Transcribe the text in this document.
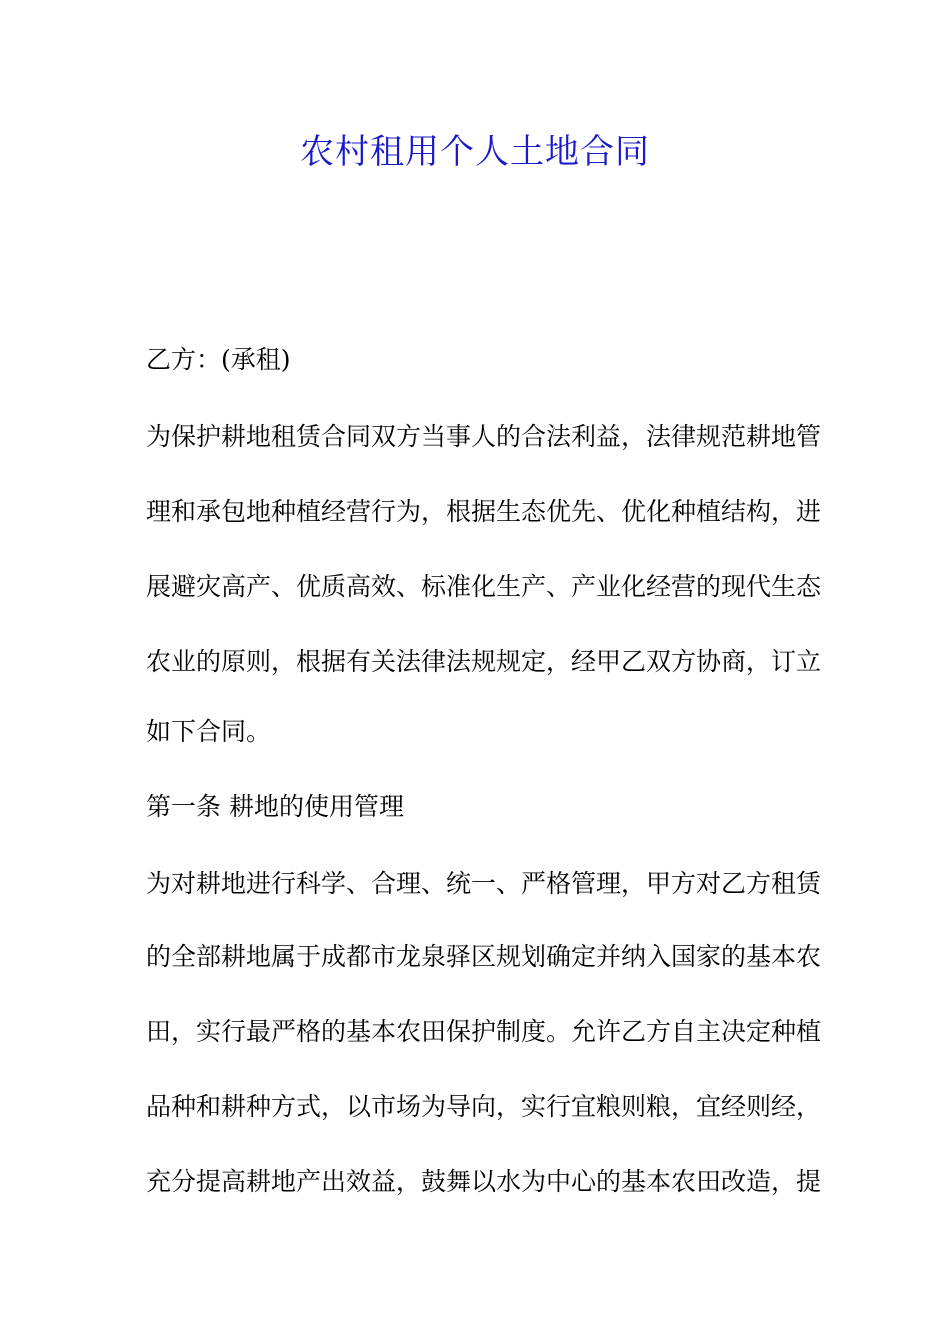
农村租用个人土地合同
乙方：(承租)
为保护耕地租赁合同双方当事人的合法利益，法律规范耕地管
理和承包地种植经营行为，根据生态优先、优化种植结构，进
展避灾高产、优质高效、标准化生产、产业化经营的现代生态
农业的原则，根据有关法律法规规定，经甲乙双方协商，订立
如下合同。
第一条 耕地的使用管理
为对耕地进行科学、合理、统一、严格管理，甲方对乙方租赁
的全部耕地属于成都市龙泉驿区规划确定并纳入国家的基本农
田，实行最严格的基本农田保护制度。允许乙方自主决定种植
品种和耕种方式，以市场为导向，实行宜粮则粮，宜经则经，
充分提高耕地产出效益，鼓舞以水为中心的基本农田改造，提
